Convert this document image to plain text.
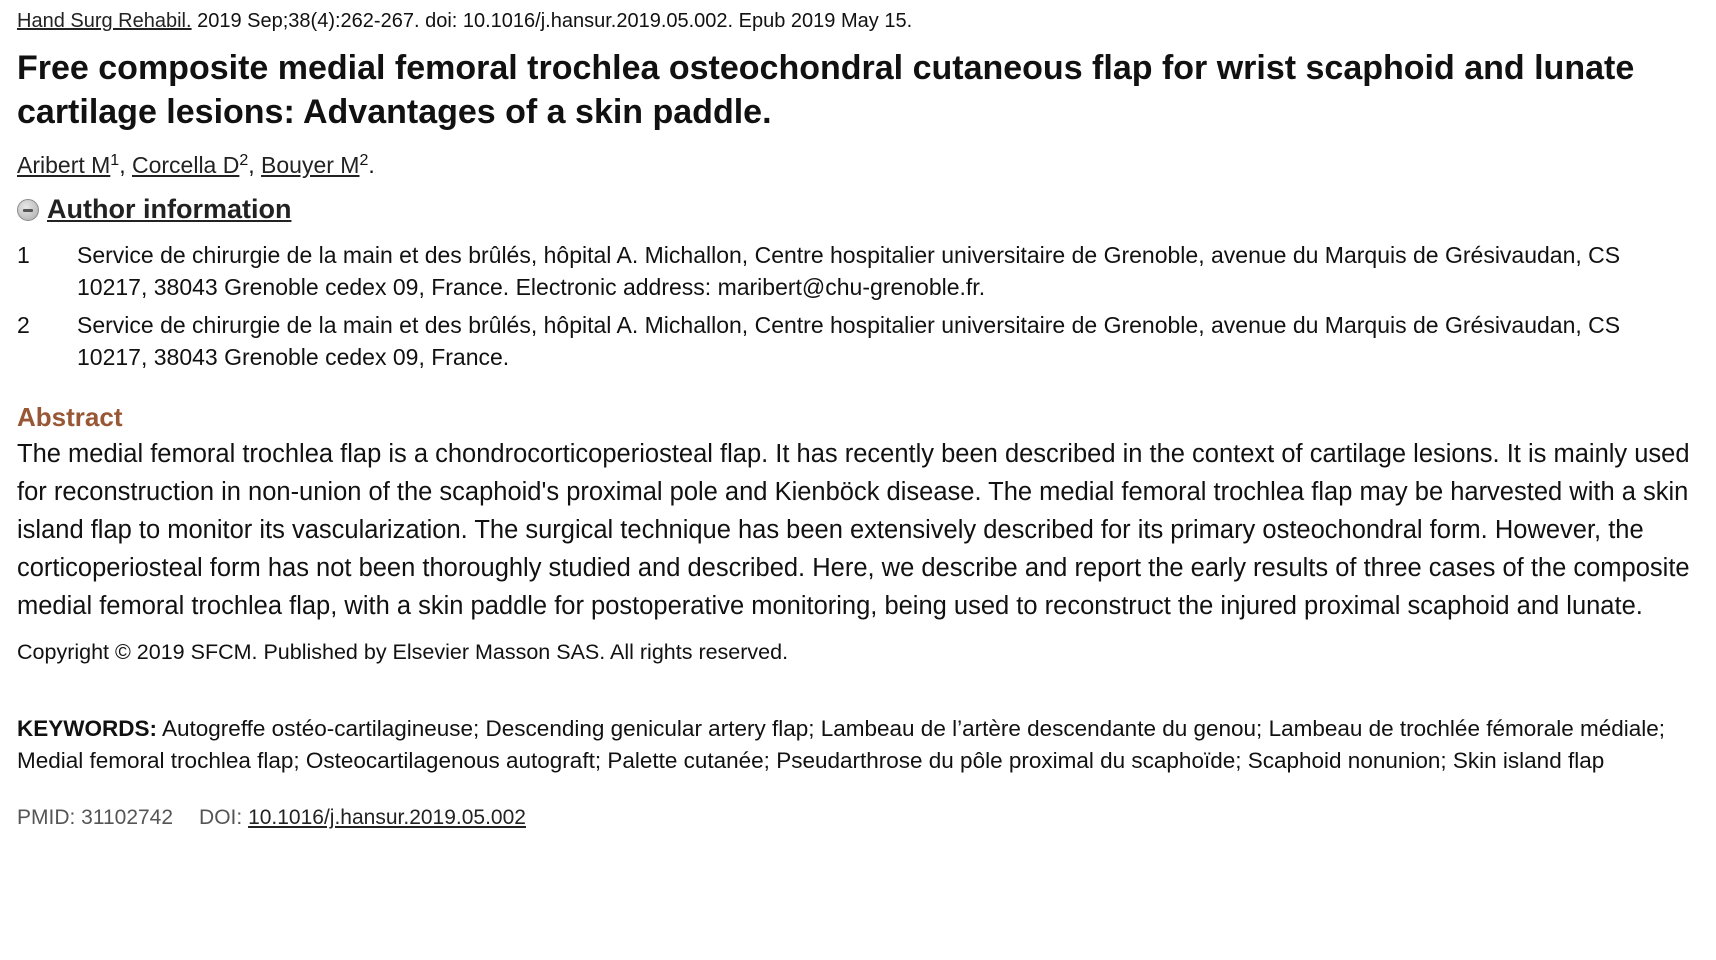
Hand Surg Rehabil. 2019 Sep;38(4):262-267. doi: 10.1016/j.hansur.2019.05.002. Epub 2019 May 15.

Free composite medial femoral trochlea osteochondral cutaneous flap for wrist scaphoid and lunate cartilage lesions: Advantages of a skin paddle.
Aribert $M^1$, Corcella $D^2$, Bouyer $M^2$.
Author information
1	Service de chirurgie de la main et des brûlés, hôpital A. Michallon, Centre hospitalier universitaire de Grenoble, avenue du Marquis de Grésivaudan, CS 10217, 38043 Grenoble cedex 09, France. Electronic address: maribert@chu-grenoble.fr.
2	Service de chirurgie de la main et des brûlés, hôpital A. Michallon, Centre hospitalier universitaire de Grenoble, avenue du Marquis de Grésivaudan, CS 10217, 38043 Grenoble cedex 09, France.
Abstract

The medial femoral trochlea flap is a chondrocorticoperiosteal flap. It has recently been described in the context of cartilage lesions. It is mainly used for reconstruction in non-union of the scaphoid's proximal pole and Kienböck disease. The medial femoral trochlea flap may be harvested with a skin island flap to monitor its vascularization. The surgical technique has been extensively described for its primary osteochondral form. However, the corticoperiosteal form has not been thoroughly studied and described. Here, we describe and report the early results of three cases of the composite medial femoral trochlea flap, with a skin paddle for postoperative monitoring, being used to reconstruct the injured proximal scaphoid and lunate.

Copyright © 2019 SFCM. Published by Elsevier Masson SAS. All rights reserved.

KEYWORDS: Autogreffe ostéo-cartilagineuse; Descending genicular artery flap; Lambeau de l’artère descendante du genou; Lambeau de trochlée fémorale médiale; Medial femoral trochlea flap; Osteocartilagenous autograft; Palette cutanée; Pseudarthrose du pôle proximal du scaphoïde; Scaphoid nonunion; Skin island flap

PMID: 31102742 DOI: 10.1016/j.hansur.2019.05.002
